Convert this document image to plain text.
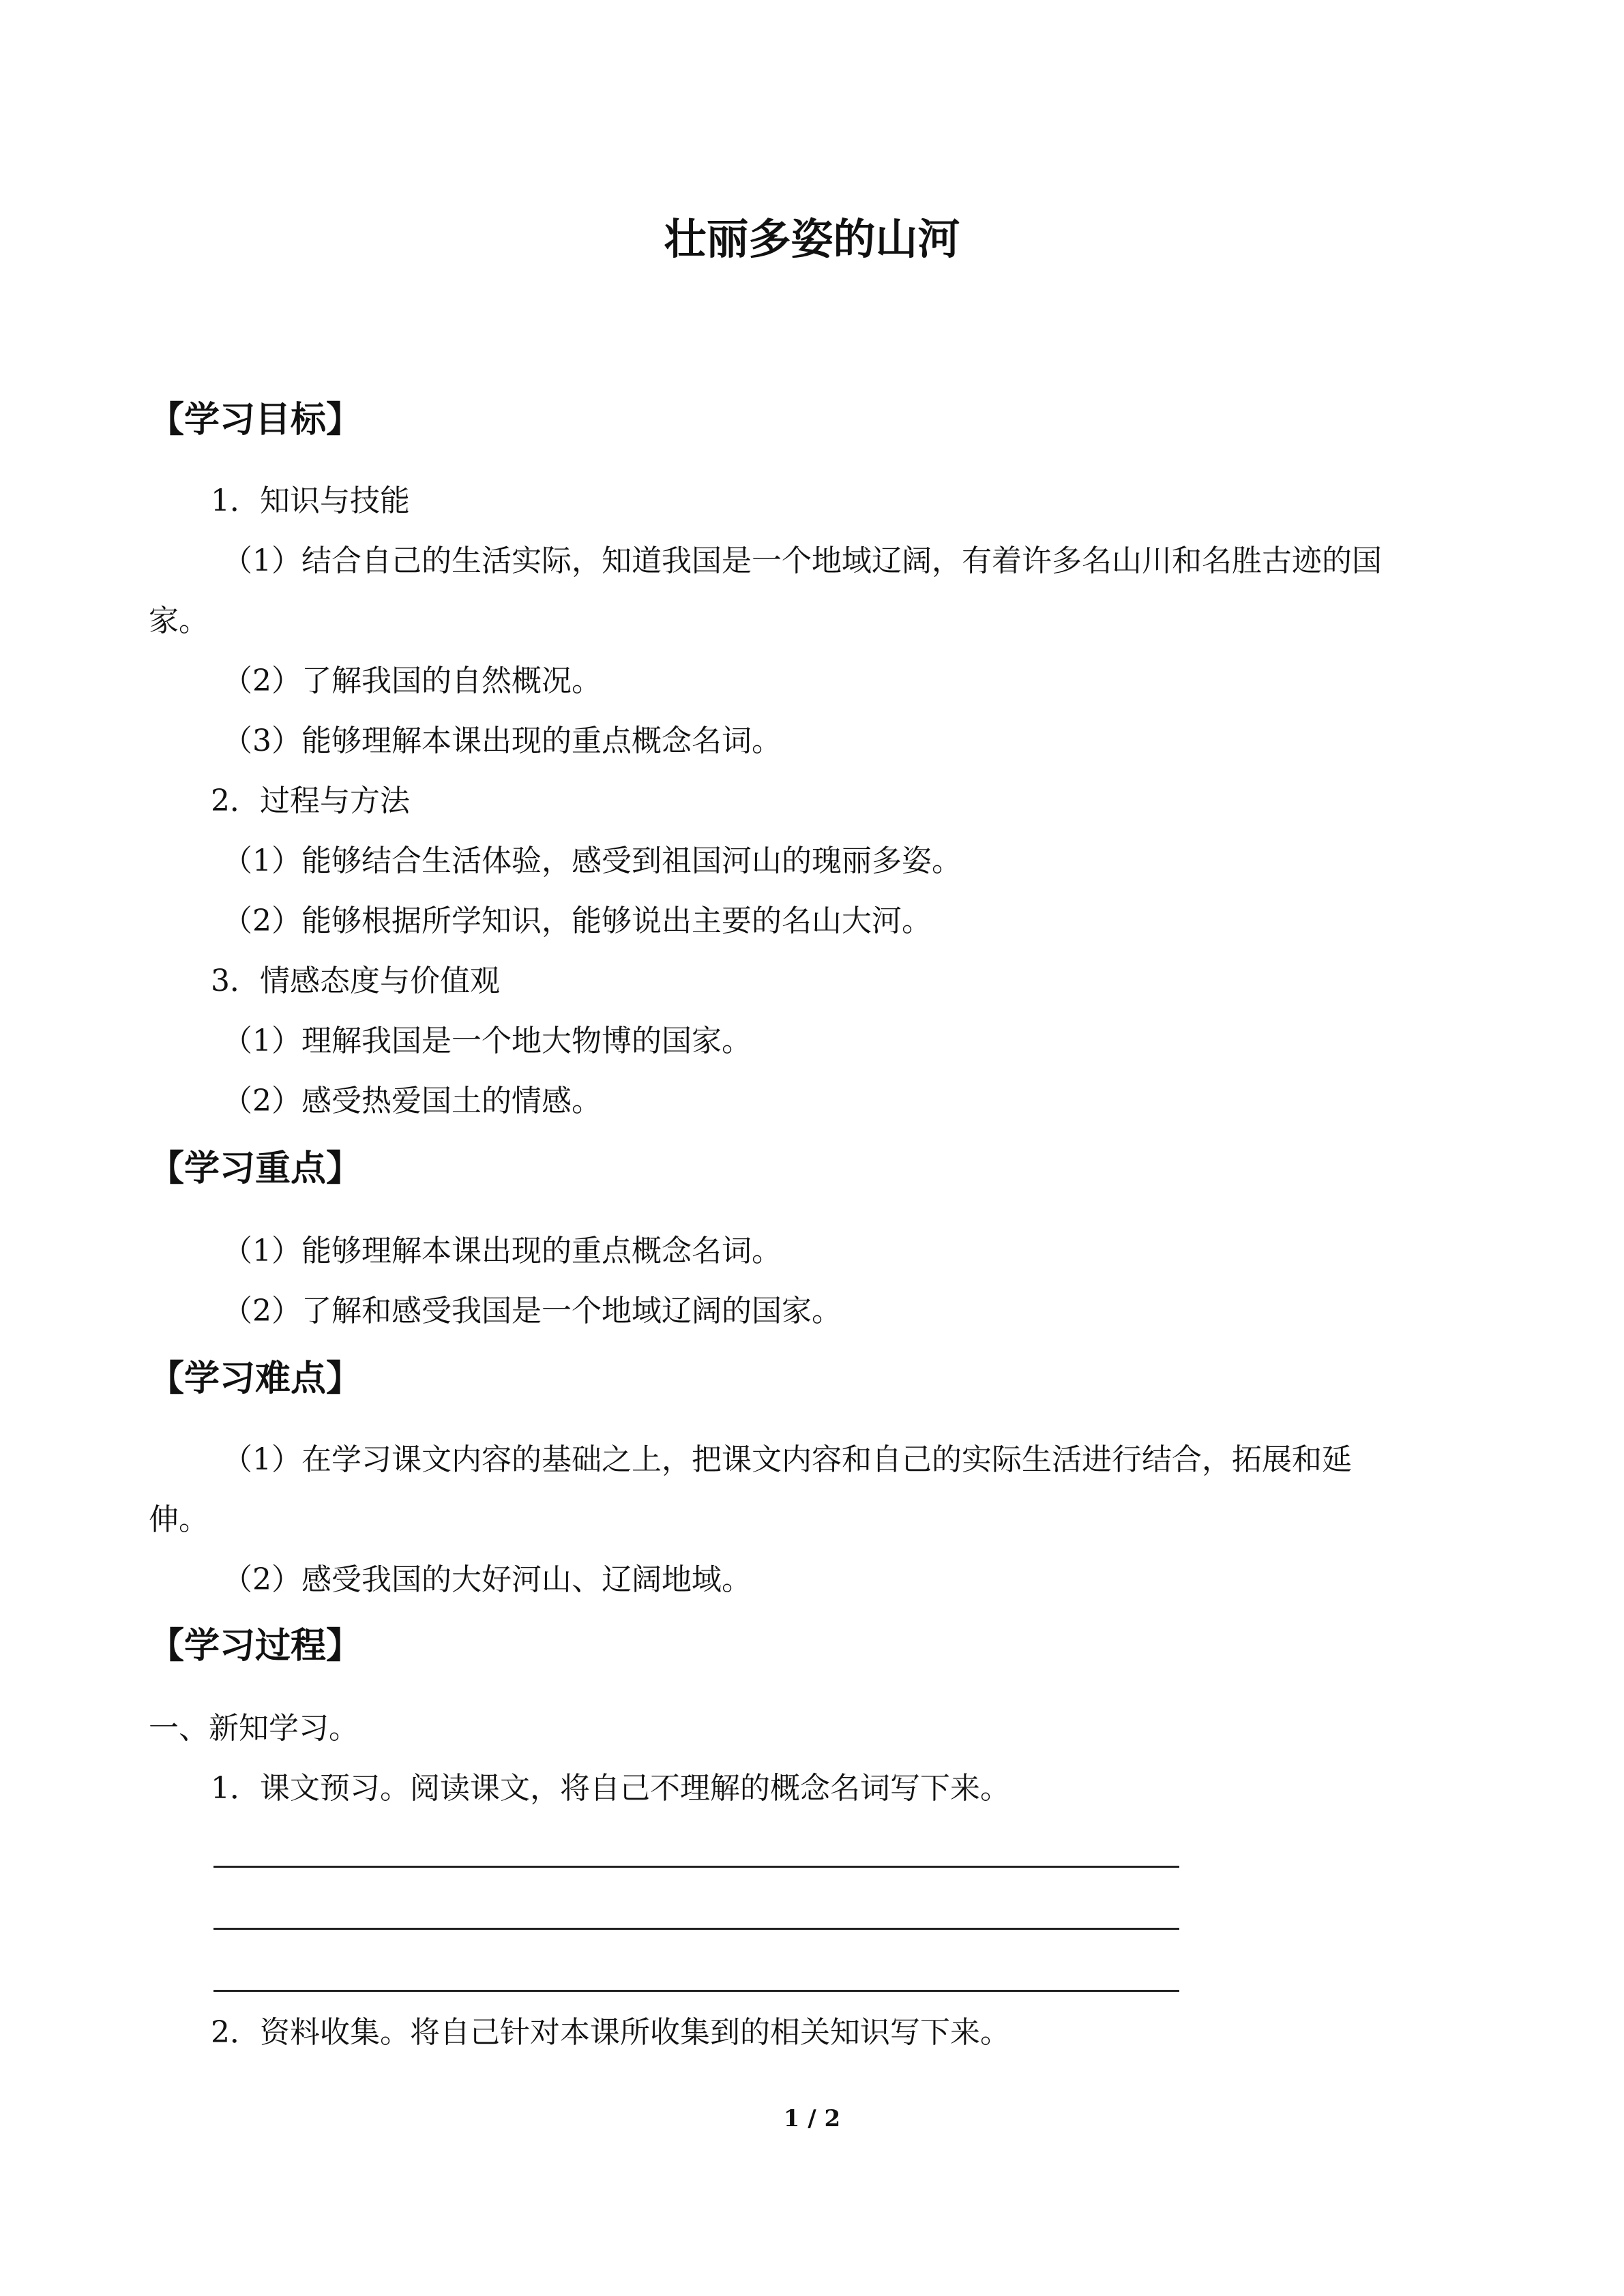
壮丽多姿的山河
【学习目标】
1．知识与技能
（1）结合自己的生活实际，知道我国是一个地域辽阔，有着许多名山川和名胜古迹的国
家。
（2）了解我国的自然概况。
（3）能够理解本课出现的重点概念名词。
2．过程与方法
（1）能够结合生活体验，感受到祖国河山的瑰丽多姿。
（2）能够根据所学知识，能够说出主要的名山大河。
3．情感态度与价值观
（1）理解我国是一个地大物博的国家。
（2）感受热爱国土的情感。
【学习重点】
（1）能够理解本课出现的重点概念名词。
（2）了解和感受我国是一个地域辽阔的国家。
【学习难点】
（1）在学习课文内容的基础之上，把课文内容和自己的实际生活进行结合，拓展和延
伸。
（2）感受我国的大好河山、辽阔地域。
【学习过程】
一、新知学习。
1．课文预习。阅读课文，将自己不理解的概念名词写下来。
2．资料收集。将自己针对本课所收集到的相关知识写下来。
1 / 2
